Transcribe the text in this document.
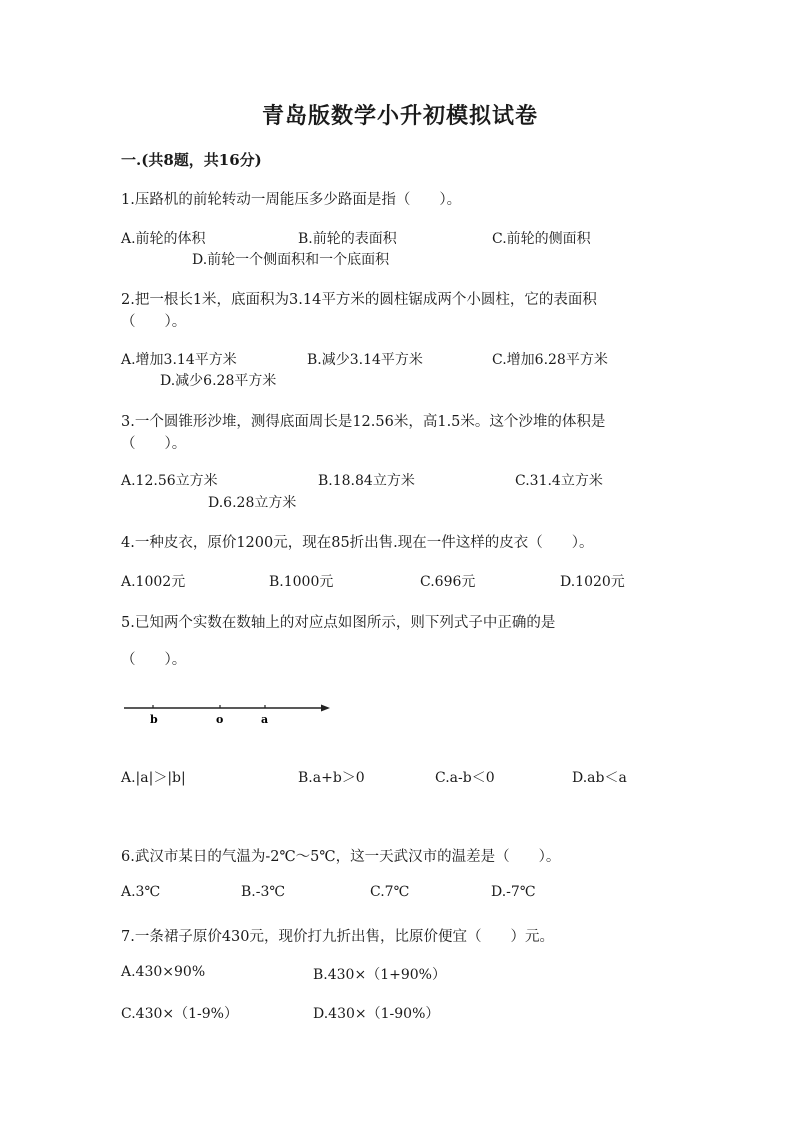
青岛版数学小升初模拟试卷
一.(共8题，共16分)
1.压路机的前轮转动一周能压多少路面是指（　　）。
A.前轮的体积	B.前轮的表面积	C.前轮的侧面积
D.前轮一个侧面积和一个底面积
2.把一根长1米，底面积为3.14平方米的圆柱锯成两个小圆柱，它的表面积
（　　）。
A.增加3.14平方米	B.减少3.14平方米	C.增加6.28平方米
D.减少6.28平方米
3.一个圆锥形沙堆，测得底面周长是12.56米，高1.5米。这个沙堆的体积是
（　　）。
A.12.56立方米	B.18.84立方米	C.31.4立方米
D.6.28立方米
4.一种皮衣，原价1200元，现在85折出售.现在一件这样的皮衣（　　）。
A.1002元	B.1000元	C.696元	D.1020元
5.已知两个实数在数轴上的对应点如图所示，则下列式子中正确的是
（　　）。
b	o	a
A.|a|＞|b|	B.a+b＞0	C.a-b＜0	D.ab＜a
6.武汉市某日的气温为-2℃～5℃，这一天武汉市的温差是（　　）。
A.3℃	B.-3℃	C.7℃	D.-7℃
7.一条裙子原价430元，现价打九折出售，比原价便宜（　　）元。
A.430×90%	B.430×（1+90%）
C.430×（1-9%）	D.430×（1-90%）
